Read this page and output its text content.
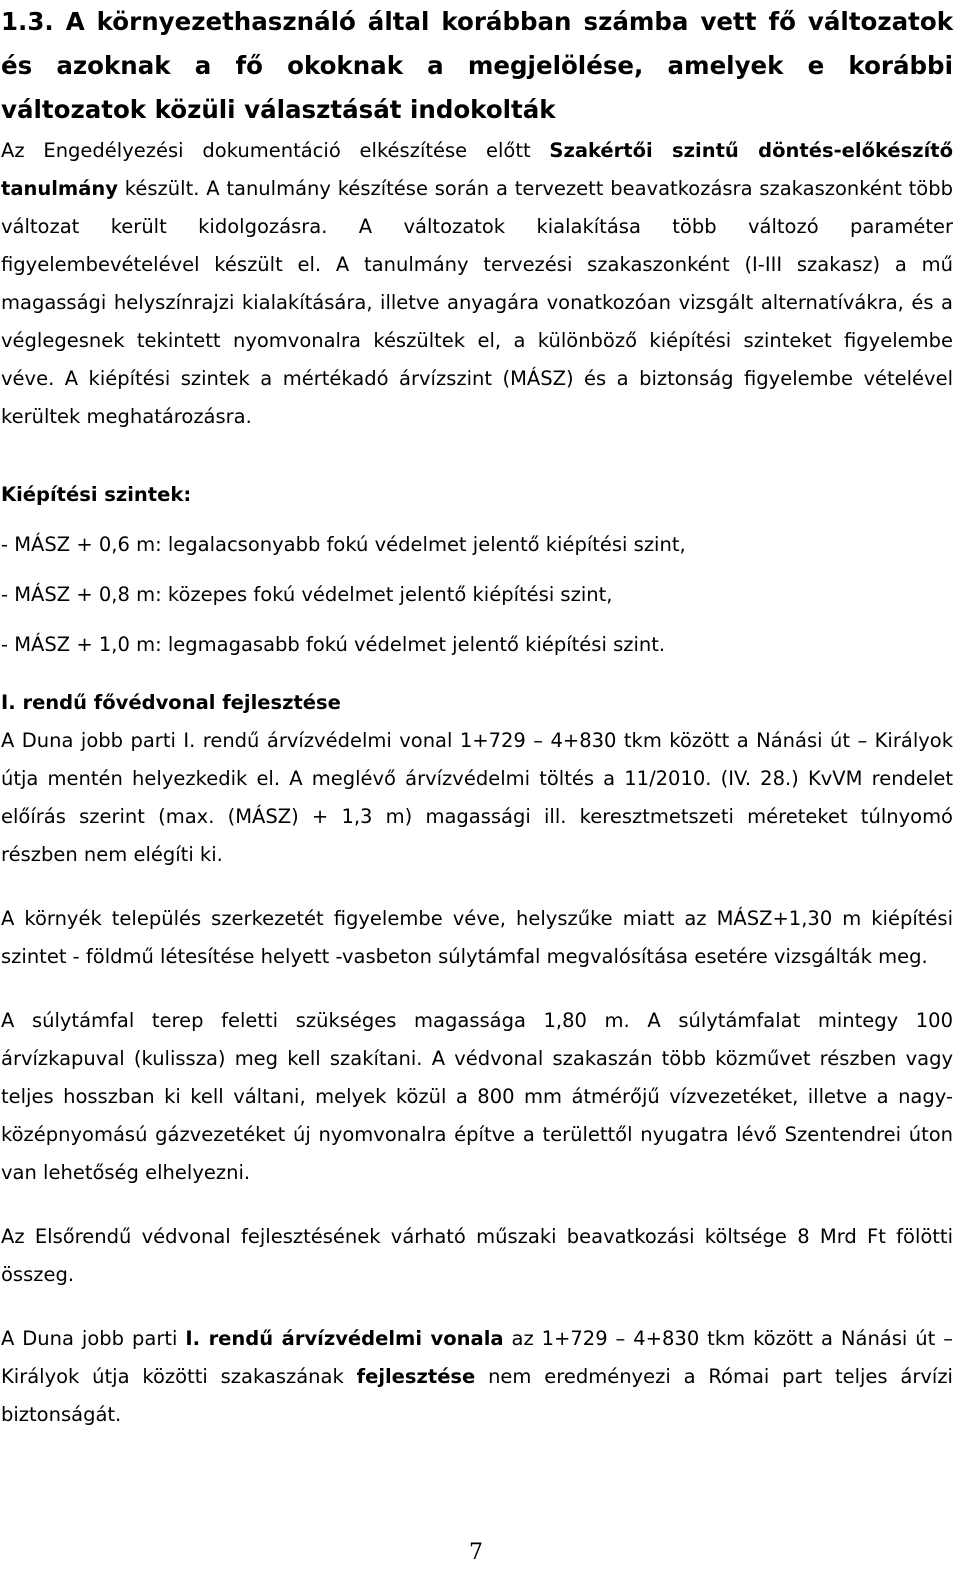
1.3. A környezethasználó által korábban számba vett fő változatok és azoknak a fő okoknak a megjelölése, amelyek e korábbi változatok közüli választását indokolták

Az Engedélyezési dokumentáció elkészítése előtt Szakértői szintű döntés-előkészítő tanulmány készült. A tanulmány készítése során a tervezett beavatkozásra szakaszonként több változat került kidolgozásra. A változatok kialakítása több változó paraméter figyelembevételével készült el. A tanulmány tervezési szakaszonként (I-III szakasz) a mű magassági helyszínrajzi kialakítására, illetve anyagára vonatkozóan vizsgált alternatívákra, és a véglegesnek tekintett nyomvonalra készültek el, a különböző kiépítési szinteket figyelembe véve. A kiépítési szintek a mértékadó árvízszint (MÁSZ) és a biztonság figyelembe vételével kerültek meghatározásra.

Kiépítési szintek:

- MÁSZ + 0,6 m: legalacsonyabb fokú védelmet jelentő kiépítési szint,

- MÁSZ + 0,8 m: közepes fokú védelmet jelentő kiépítési szint,

- MÁSZ + 1,0 m: legmagasabb fokú védelmet jelentő kiépítési szint.

I. rendű fővédvonal fejlesztése

A Duna jobb parti I. rendű árvízvédelmi vonal 1+729 – 4+830 tkm között a Nánási út – Királyok útja mentén helyezkedik el. A meglévő árvízvédelmi töltés a 11/2010. (IV. 28.) KvVM rendelet előírás szerint (max. (MÁSZ) + 1,3 m) magassági ill. keresztmetszeti méreteket túlnyomó részben nem elégíti ki.

A környék település szerkezetét figyelembe véve, helyszűke miatt az MÁSZ+1,30 m kiépítési szintet - földmű létesítése helyett -vasbeton súlytámfal megvalósítása esetére vizsgálták meg.

A súlytámfal terep feletti szükséges magassága 1,80 m. A súlytámfalat mintegy 100 árvízkapuval (kulissza) meg kell szakítani. A védvonal szakaszán több közművet részben vagy teljes hosszban ki kell váltani, melyek közül a 800 mm átmérőjű vízvezetéket, illetve a nagy-középnyomású gázvezetéket új nyomvonalra építve a területtől nyugatra lévő Szentendrei úton van lehetőség elhelyezni.

Az Elsőrendű védvonal fejlesztésének várható műszaki beavatkozási költsége 8 Mrd Ft fölötti összeg.

A Duna jobb parti I. rendű árvízvédelmi vonala az 1+729 – 4+830 tkm között a Nánási út – Királyok útja közötti szakaszának fejlesztése nem eredményezi a Római part teljes árvízi biztonságát.

7
